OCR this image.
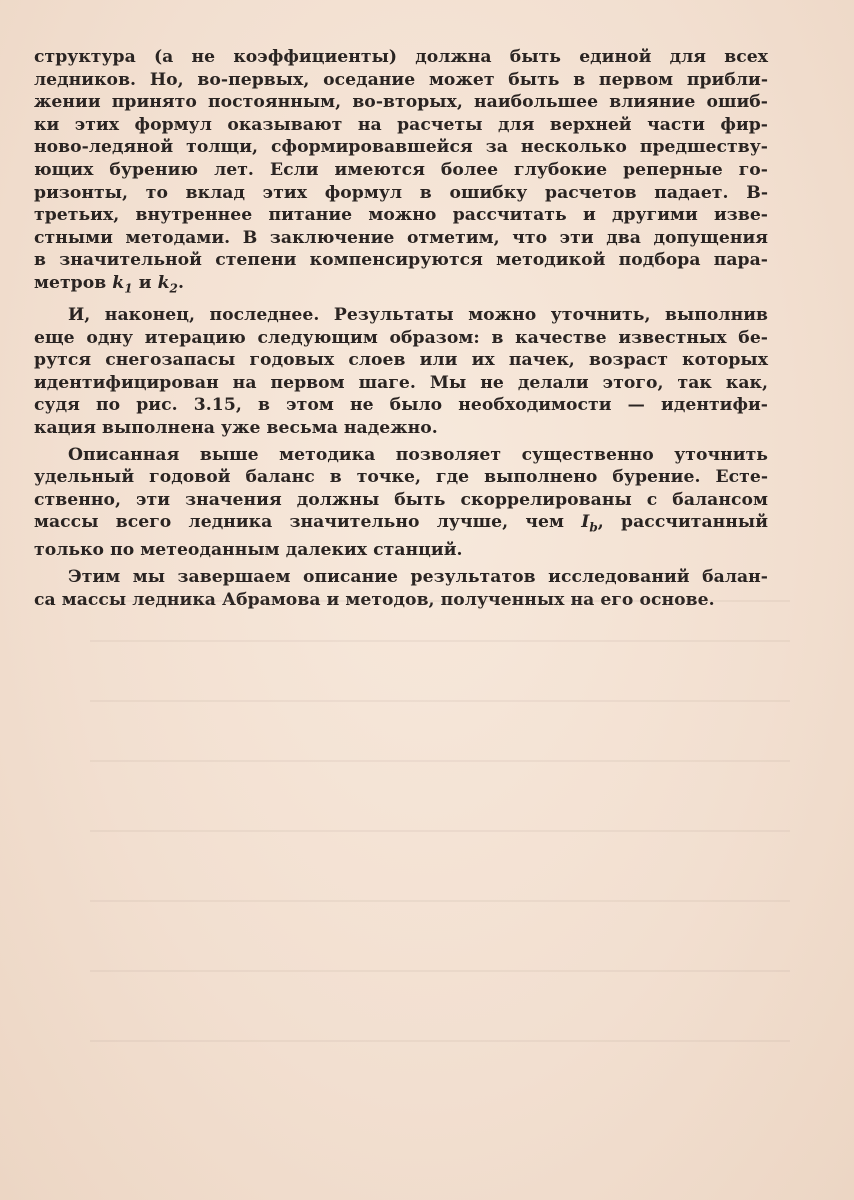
структура (а не коэффициенты) должна быть единой для всех
ледников. Но, во-первых, оседание может быть в первом прибли-
жении принято постоянным, во-вторых, наибольшее влияние ошиб-
ки этих формул оказывают на расчеты для верхней части фир-
ново-ледяной толщи, сформировавшейся за несколько предшеству-
ющих бурению лет. Если имеются более глубокие реперные го-
ризонты, то вклад этих формул в ошибку расчетов падает. В-
третьих, внутреннее питание можно рассчитать и другими изве-
стными методами. В заключение отметим, что эти два допущения
в значительной степени компенсируются методикой подбора пара-
метров $k_1$ и $k_2$.
И, наконец, последнее. Результаты можно уточнить, выполнив
еще одну итерацию следующим образом: в качестве известных бе-
рутся снегозапасы годовых слоев или их пачек, возраст которых
идентифицирован на первом шаге. Мы не делали этого, так как,
судя по рис. 3.15, в этом не было необходимости — идентифи-
кация выполнена уже весьма надежно.
Описанная выше методика позволяет существенно уточнить
удельный годовой баланс в точке, где выполнено бурение. Есте-
ственно, эти значения должны быть скоррелированы с балансом
массы всего ледника значительно лучше, чем $I_b$, рассчитанный
только по метеоданным далеких станций.
Этим мы завершаем описание результатов исследований балан-
са массы ледника Абрамова и методов, полученных на его основе.
